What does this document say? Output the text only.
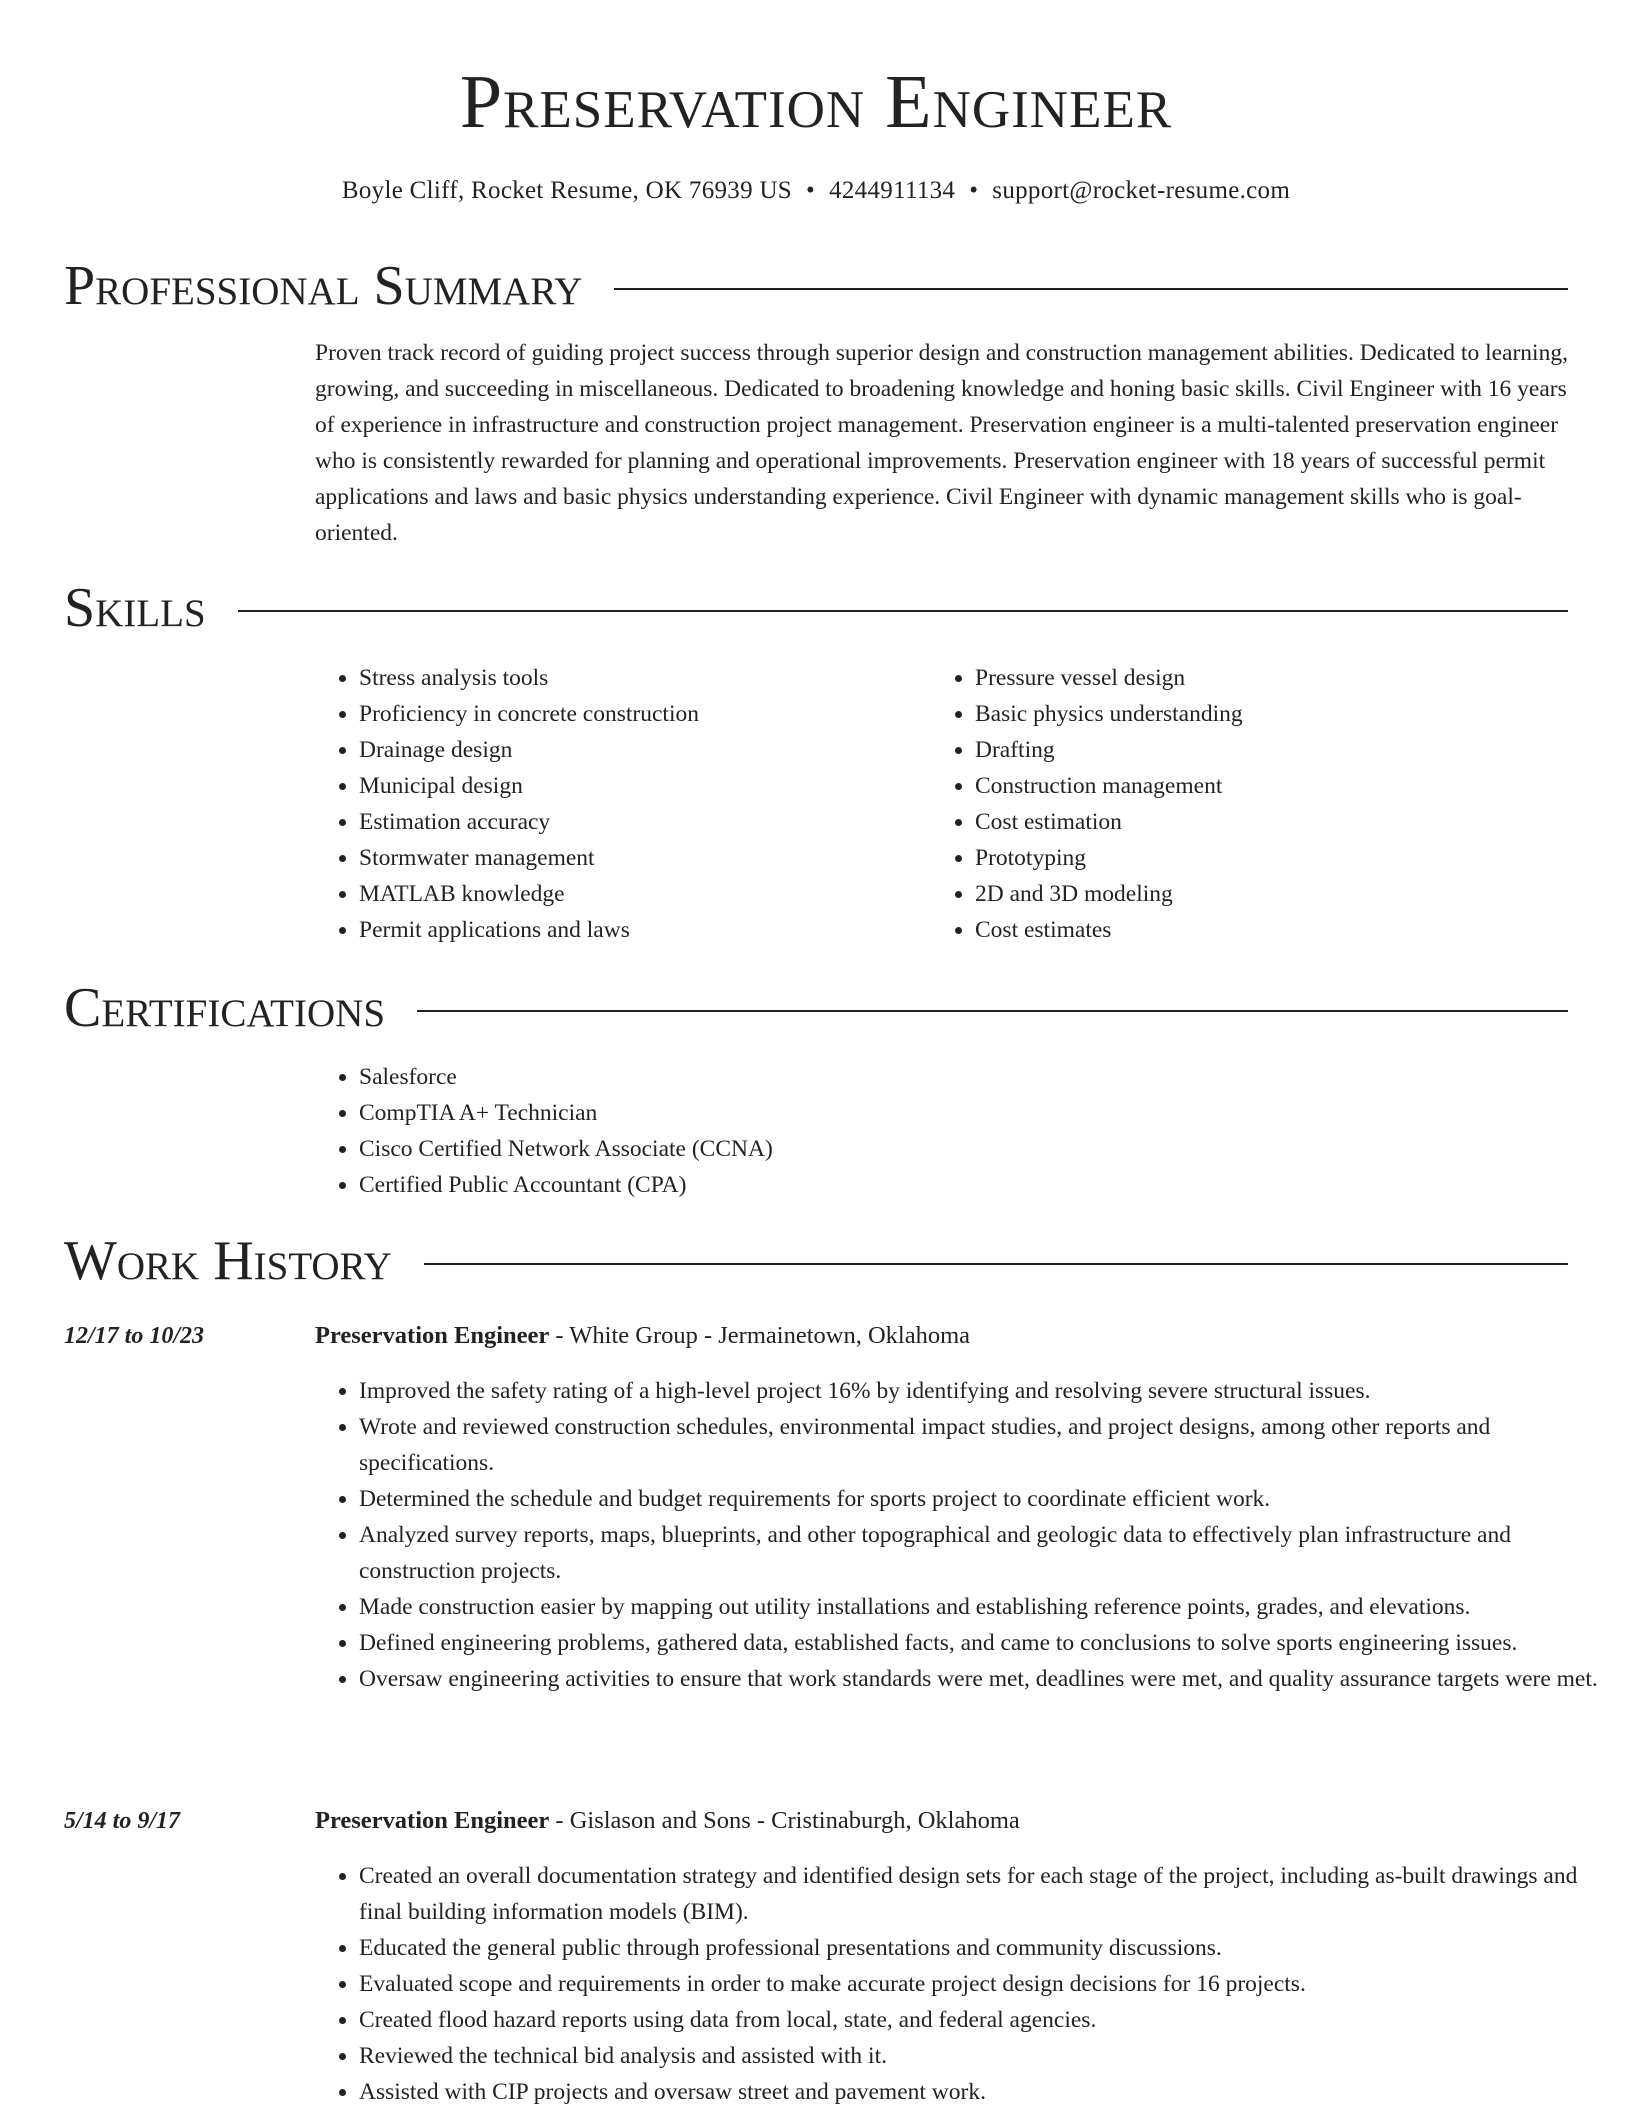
Preservation Engineer
Boyle Cliff, Rocket Resume, OK 76939 US • 4244911134 • support@rocket-resume.com
Professional Summary

Proven track record of guiding project success through superior design and construction management abilities. Dedicated to learning, growing, and succeeding in miscellaneous. Dedicated to broadening knowledge and honing basic skills. Civil Engineer with 16 years of experience in infrastructure and construction project management. Preservation engineer is a multi-talented preservation engineer who is consistently rewarded for planning and operational improvements. Preservation engineer with 18 years of successful permit applications and laws and basic physics understanding experience. Civil Engineer with dynamic management skills who is goal-oriented.

Skills
• Stress analysis tools
• Proficiency in concrete construction
• Drainage design
• Municipal design
• Estimation accuracy
• Stormwater management
• MATLAB knowledge
• Permit applications and laws
• Pressure vessel design
• Basic physics understanding
• Drafting
• Construction management
• Cost estimation
• Prototyping
• 2D and 3D modeling
• Cost estimates
Certifications
• Salesforce
• CompTIA A+ Technician
• Cisco Certified Network Associate (CCNA)
• Certified Public Accountant (CPA)
Work History
12/17 to 10/23	Preservation Engineer - White Group - Jermainetown, Oklahoma
• Improved the safety rating of a high-level project 16% by identifying and resolving severe structural issues.
• Wrote and reviewed construction schedules, environmental impact studies, and project designs, among other reports and specifications.
• Determined the schedule and budget requirements for sports project to coordinate efficient work.
• Analyzed survey reports, maps, blueprints, and other topographical and geologic data to effectively plan infrastructure and construction projects.
• Made construction easier by mapping out utility installations and establishing reference points, grades, and elevations.
• Defined engineering problems, gathered data, established facts, and came to conclusions to solve sports engineering issues.
• Oversaw engineering activities to ensure that work standards were met, deadlines were met, and quality assurance targets were met.
5/14 to 9/17	Preservation Engineer - Gislason and Sons - Cristinaburgh, Oklahoma
• Created an overall documentation strategy and identified design sets for each stage of the project, including as-built drawings and final building information models (BIM).
• Educated the general public through professional presentations and community discussions.
• Evaluated scope and requirements in order to make accurate project design decisions for 16 projects.
• Created flood hazard reports using data from local, state, and federal agencies.
• Reviewed the technical bid analysis and assisted with it.
• Assisted with CIP projects and oversaw street and pavement work.
